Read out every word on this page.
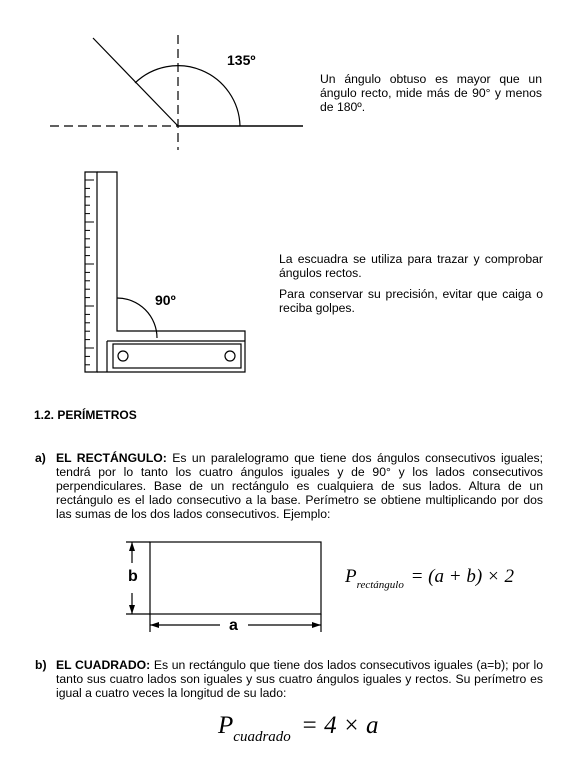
135º

Un ángulo obtuso es mayor que un ángulo recto, mide más de 90° y menos de 180º.

90º

La escuadra se utiliza para trazar y comprobar ángulos rectos.

Para conservar su precisión, evitar que caiga o reciba golpes.

1.2. PERÍMETROS
a) EL RECTÁNGULO: Es un paralelogramo que tiene dos ángulos consecutivos iguales; tendrá por lo tanto los cuatro ángulos iguales y de 90° y los lados consecutivos perpendiculares. Base de un rectángulo es cualquiera de sus lados. Altura de un rectángulo es el lado consecutivo a la base. Perímetro se obtiene multiplicando por dos las sumas de los dos lados consecutivos. Ejemplo:
b
a
$P_{rectángulo} = (a + b) \times 2$
b) EL CUADRADO: Es un rectángulo que tiene dos lados consecutivos iguales (a=b); por lo tanto sus cuatro lados son iguales y sus cuatro ángulos iguales y rectos. Su perímetro es igual a cuatro veces la longitud de su lado:
$P_{cuadrado} = 4 \times a$
